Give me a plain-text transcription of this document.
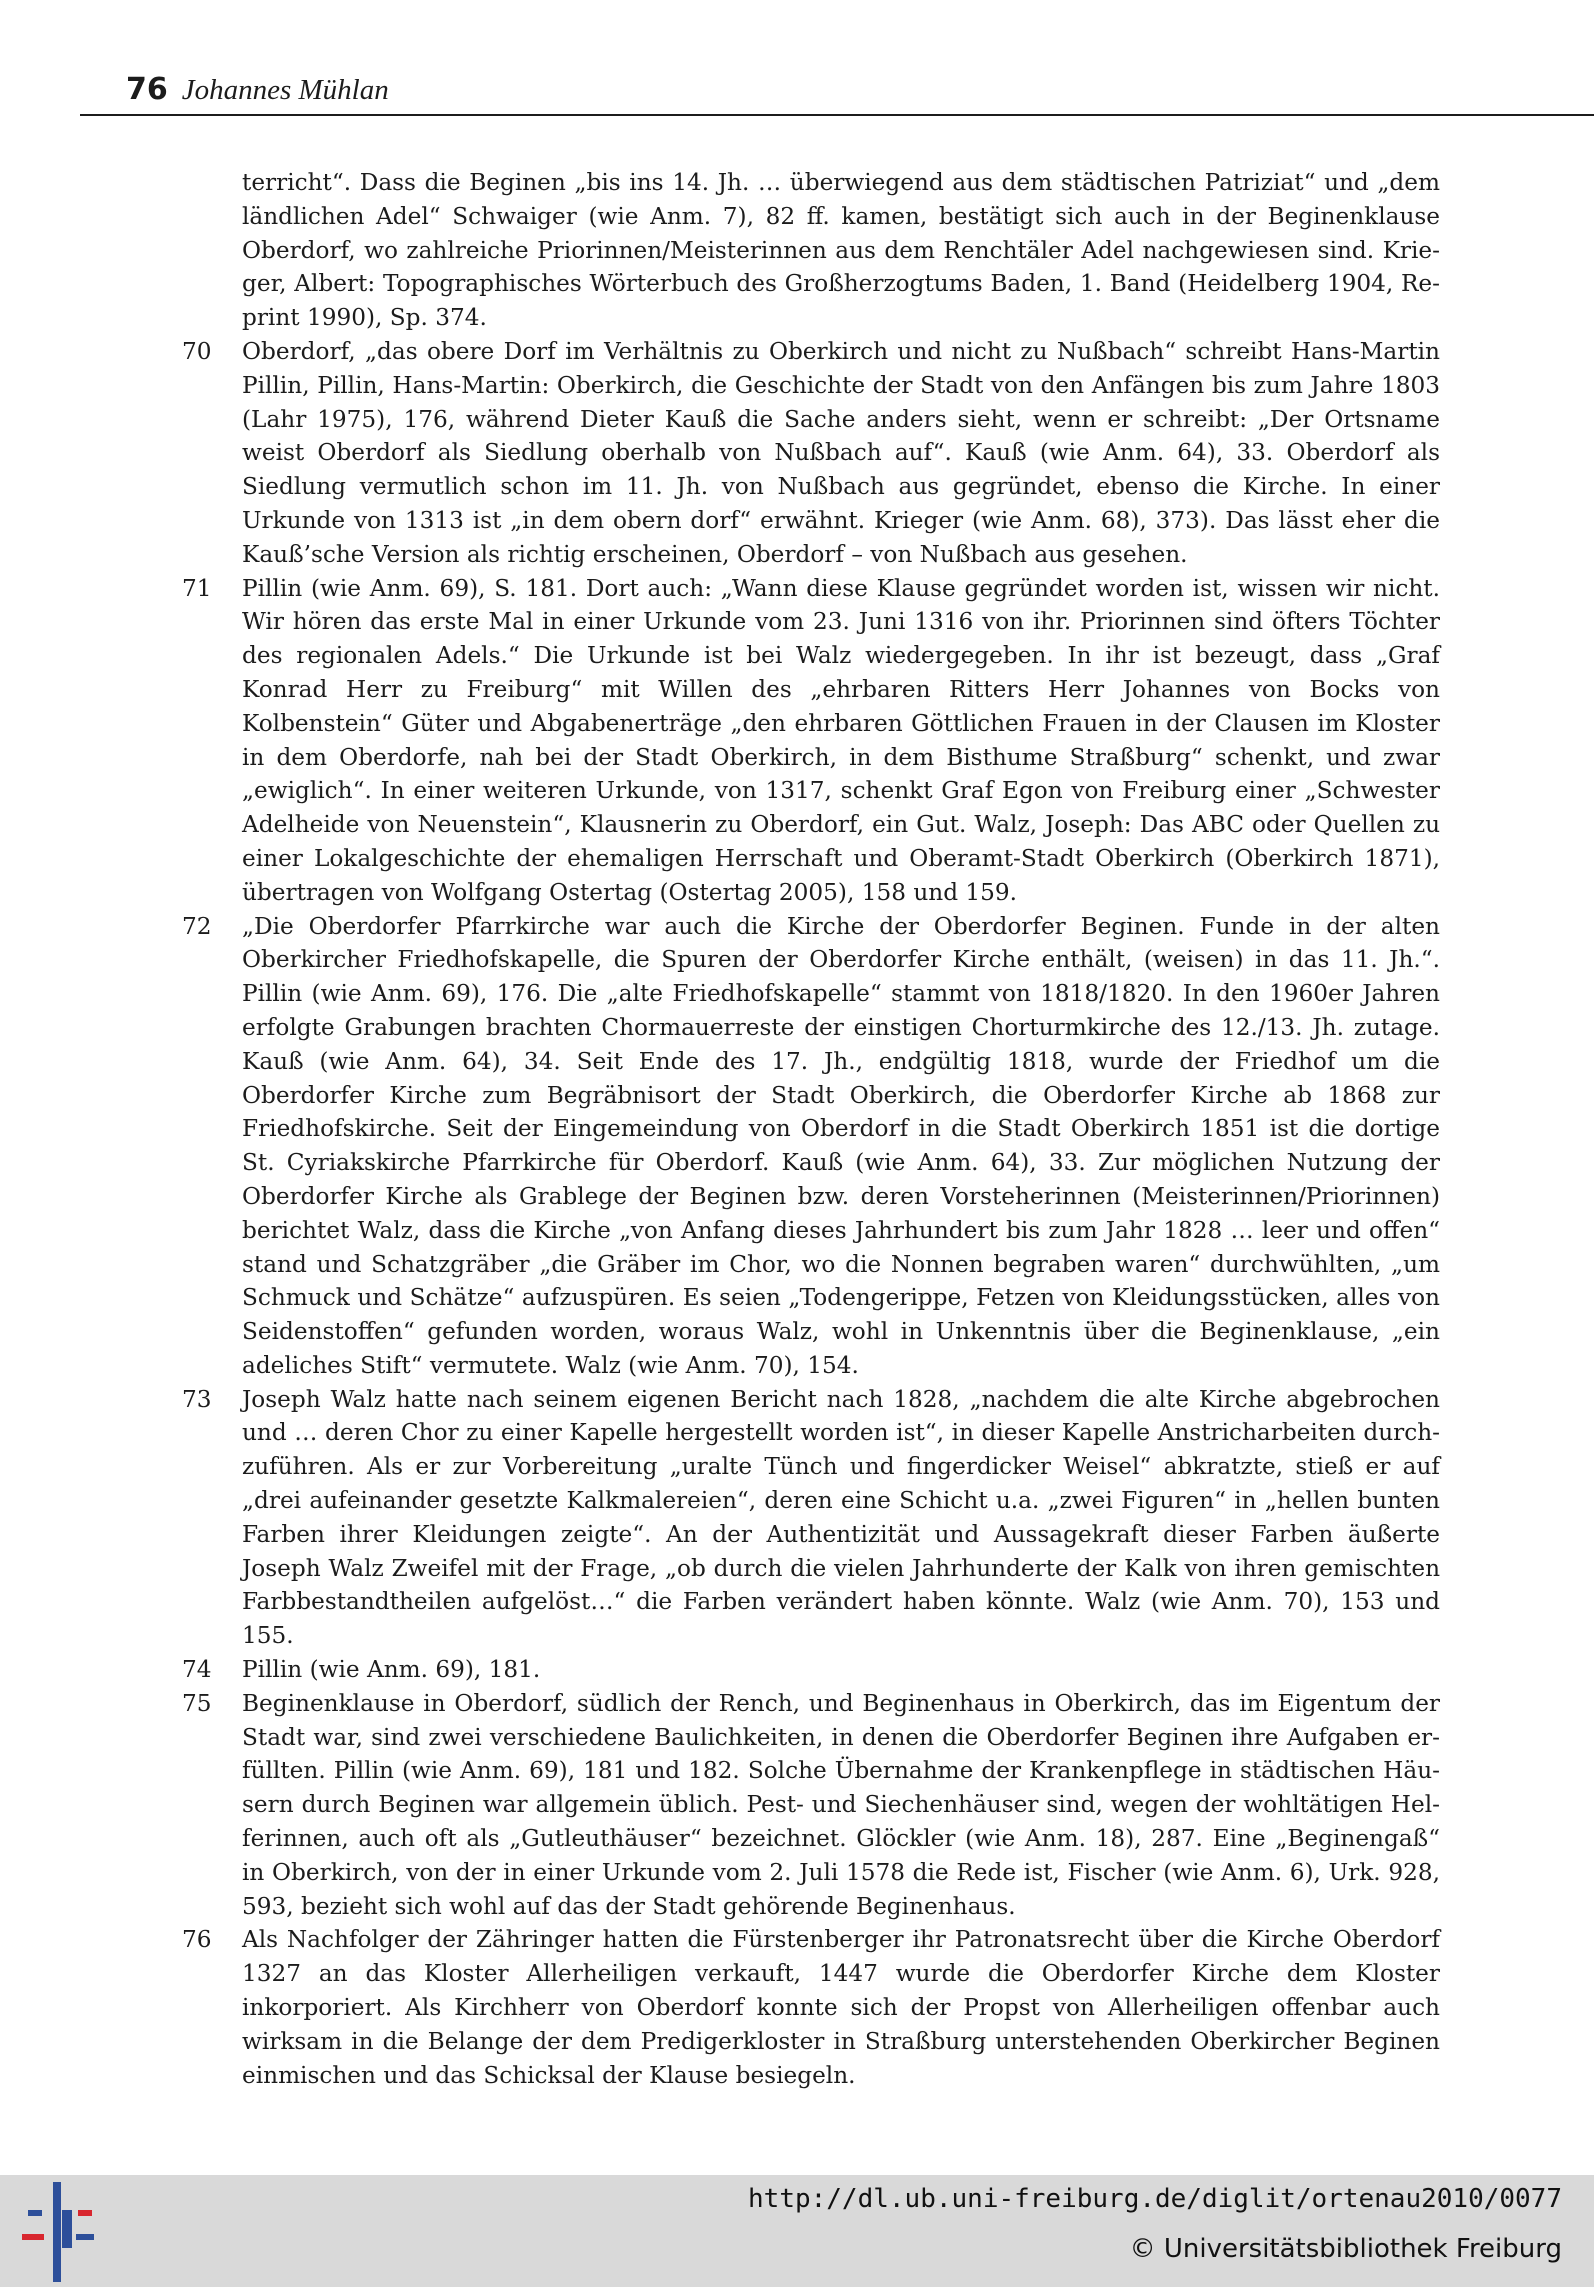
76 Johannes Mühlan
terricht“. Dass die Beginen „bis ins 14. Jh. … überwiegend aus dem städtischen Patriziat“ und „dem ländlichen Adel“ Schwaiger (wie Anm. 7), 82 ff. kamen, bestätigt sich auch in der Beginenklause Oberdorf, wo zahlreiche Priorinnen/Meisterinnen aus dem Renchtäler Adel nachgewiesen sind. Krieger, Albert: Topographisches Wörterbuch des Großherzogtums Baden, 1. Band (Heidelberg 1904, Reprint 1990), Sp. 374.
70	Oberdorf, „das obere Dorf im Verhältnis zu Oberkirch und nicht zu Nußbach“ schreibt Hans-Martin Pillin, Pillin, Hans-Martin: Oberkirch, die Geschichte der Stadt von den Anfängen bis zum Jahre 1803 (Lahr 1975), 176, während Dieter Kauß die Sache anders sieht, wenn er schreibt: „Der Ortsname weist Oberdorf als Siedlung oberhalb von Nußbach auf“. Kauß (wie Anm. 64), 33. Oberdorf als Siedlung vermutlich schon im 11. Jh. von Nußbach aus gegründet, ebenso die Kirche. In einer Urkunde von 1313 ist „in dem obern dorf“ erwähnt. Krieger (wie Anm. 68), 373). Das lässt eher die Kauß’sche Version als richtig erscheinen, Oberdorf – von Nußbach aus gesehen.
71	Pillin (wie Anm. 69), S. 181. Dort auch: „Wann diese Klause gegründet worden ist, wissen wir nicht. Wir hören das erste Mal in einer Urkunde vom 23. Juni 1316 von ihr. Priorinnen sind öfters Töchter des regionalen Adels.“ Die Urkunde ist bei Walz wiedergegeben. In ihr ist bezeugt, dass „Graf Konrad Herr zu Freiburg“ mit Willen des „ehrbaren Ritters Herr Johannes von Bocks von Kolbenstein“ Güter und Abgabenerträge „den ehrbaren Göttlichen Frauen in der Clausen im Kloster in dem Oberdorfe, nah bei der Stadt Oberkirch, in dem Bisthume Straßburg“ schenkt, und zwar „ewiglich“. In einer weiteren Urkunde, von 1317, schenkt Graf Egon von Freiburg einer „Schwester Adelheide von Neuenstein“, Klausnerin zu Oberdorf, ein Gut. Walz, Joseph: Das ABC oder Quellen zu einer Lokalgeschichte der ehemaligen Herrschaft und Oberamt-Stadt Oberkirch (Oberkirch 1871), übertragen von Wolfgang Ostertag (Ostertag 2005), 158 und 159.
72	„Die Oberdorfer Pfarrkirche war auch die Kirche der Oberdorfer Beginen. Funde in der alten Oberkircher Friedhofskapelle, die Spuren der Oberdorfer Kirche enthält, (weisen) in das 11. Jh.“. Pillin (wie Anm. 69), 176. Die „alte Friedhofskapelle“ stammt von 1818/1820. In den 1960er Jahren erfolgte Grabungen brachten Chormauerreste der einstigen Chorturmkirche des 12./13. Jh. zutage. Kauß (wie Anm. 64), 34. Seit Ende des 17. Jh., endgültig 1818, wurde der Friedhof um die Oberdorfer Kirche zum Begräbnisort der Stadt Oberkirch, die Oberdorfer Kirche ab 1868 zur Friedhofskirche. Seit der Eingemeindung von Oberdorf in die Stadt Oberkirch 1851 ist die dortige St. Cyriakskirche Pfarrkirche für Oberdorf. Kauß (wie Anm. 64), 33. Zur möglichen Nutzung der Oberdorfer Kirche als Grablege der Beginen bzw. deren Vorsteherinnen (Meisterinnen/Priorinnen) berichtet Walz, dass die Kirche „von Anfang dieses Jahrhundert bis zum Jahr 1828 … leer und offen“ stand und Schatzgräber „die Gräber im Chor, wo die Nonnen begraben waren“ durchwühlten, „um Schmuck und Schätze“ aufzuspüren. Es seien „Todengerippe, Fetzen von Kleidungsstücken, alles von Seidenstoffen“ gefunden worden, woraus Walz, wohl in Unkenntnis über die Beginenklause, „ein adeliches Stift“ vermutete. Walz (wie Anm. 70), 154.
73	Joseph Walz hatte nach seinem eigenen Bericht nach 1828, „nachdem die alte Kirche abgebrochen und … deren Chor zu einer Kapelle hergestellt worden ist“, in dieser Kapelle Anstricharbeiten durchzuführen. Als er zur Vorbereitung „uralte Tünch und fingerdicker Weisel“ abkratzte, stieß er auf „drei aufeinander gesetzte Kalkmalereien“, deren eine Schicht u.a. „zwei Figuren“ in „hellen bunten Farben ihrer Kleidungen zeigte“. An der Authentizität und Aussagekraft dieser Farben äußerte Joseph Walz Zweifel mit der Frage, „ob durch die vielen Jahrhunderte der Kalk von ihren gemischten Farbbestandtheilen aufgelöst…“ die Farben verändert haben könnte. Walz (wie Anm. 70), 153 und 155.
74	Pillin (wie Anm. 69), 181.
75	Beginenklause in Oberdorf, südlich der Rench, und Beginenhaus in Oberkirch, das im Eigentum der Stadt war, sind zwei verschiedene Baulichkeiten, in denen die Oberdorfer Beginen ihre Aufgaben erfüllten. Pillin (wie Anm. 69), 181 und 182. Solche Übernahme der Krankenpflege in städtischen Häusern durch Beginen war allgemein üblich. Pest- und Siechenhäuser sind, wegen der wohltätigen Helferinnen, auch oft als „Gutleuthäuser“ bezeichnet. Glöckler (wie Anm. 18), 287. Eine „Beginengaß“ in Oberkirch, von der in einer Urkunde vom 2. Juli 1578 die Rede ist, Fischer (wie Anm. 6), Urk. 928, 593, bezieht sich wohl auf das der Stadt gehörende Beginenhaus.
76	Als Nachfolger der Zähringer hatten die Fürstenberger ihr Patronatsrecht über die Kirche Oberdorf 1327 an das Kloster Allerheiligen verkauft, 1447 wurde die Oberdorfer Kirche dem Kloster inkorporiert. Als Kirchherr von Oberdorf konnte sich der Propst von Allerheiligen offenbar auch wirksam in die Belange der dem Predigerkloster in Straßburg unterstehenden Oberkircher Beginen einmischen und das Schicksal der Klause besiegeln.
http://dl.ub.uni-freiburg.de/diglit/ortenau2010/0077
© Universitätsbibliothek Freiburg
